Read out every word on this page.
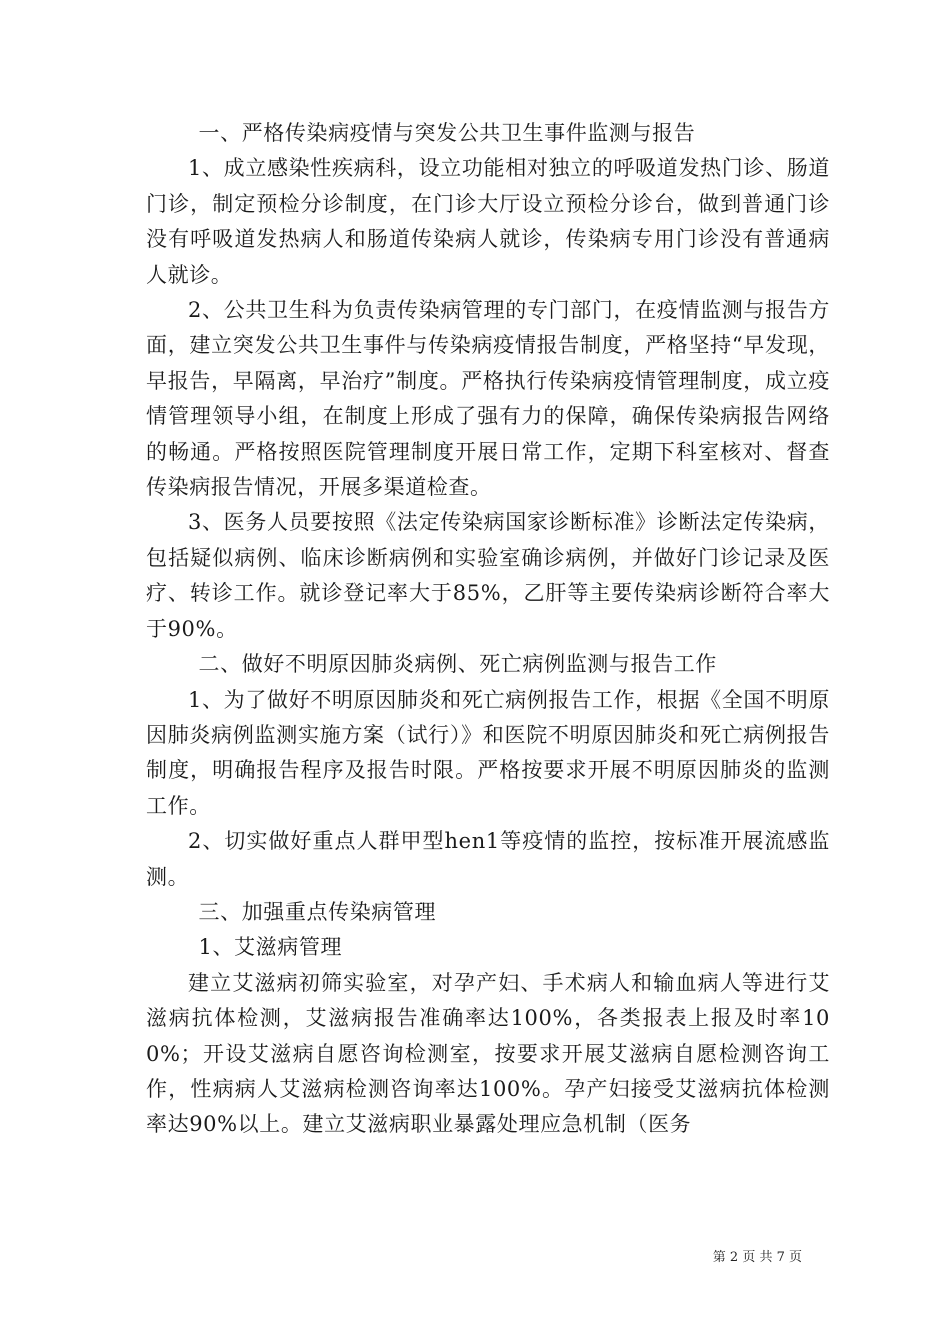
一、严格传染病疫情与突发公共卫生事件监测与报告

1、成立感染性疾病科，设立功能相对独立的呼吸道发热门诊、肠道门诊，制定预检分诊制度，在门诊大厅设立预检分诊台，做到普通门诊没有呼吸道发热病人和肠道传染病人就诊，传染病专用门诊没有普通病人就诊。

2、公共卫生科为负责传染病管理的专门部门，在疫情监测与报告方面，建立突发公共卫生事件与传染病疫情报告制度，严格坚持“早发现，早报告，早隔离，早治疗”制度。严格执行传染病疫情管理制度，成立疫情管理领导小组，在制度上形成了强有力的保障，确保传染病报告网络的畅通。严格按照医院管理制度开展日常工作，定期下科室核对、督查传染病报告情况，开展多渠道检查。

3、医务人员要按照《法定传染病国家诊断标准》诊断法定传染病，包括疑似病例、临床诊断病例和实验室确诊病例，并做好门诊记录及医疗、转诊工作。就诊登记率大于85%，乙肝等主要传染病诊断符合率大于90%。

二、做好不明原因肺炎病例、死亡病例监测与报告工作

1、为了做好不明原因肺炎和死亡病例报告工作，根据《全国不明原因肺炎病例监测实施方案（试行）》和医院不明原因肺炎和死亡病例报告制度，明确报告程序及报告时限。严格按要求开展不明原因肺炎的监测工作。

2、切实做好重点人群甲型hen1等疫情的监控，按标准开展流感监测。

三、加强重点传染病管理

1、艾滋病管理

建立艾滋病初筛实验室，对孕产妇、手术病人和输血病人等进行艾滋病抗体检测，艾滋病报告准确率达100%，各类报表上报及时率100%；开设艾滋病自愿咨询检测室，按要求开展艾滋病自愿检测咨询工作，性病病人艾滋病检测咨询率达100%。孕产妇接受艾滋病抗体检测率达90%以上。建立艾滋病职业暴露处理应急机制（医务

第 2 页 共 7 页
